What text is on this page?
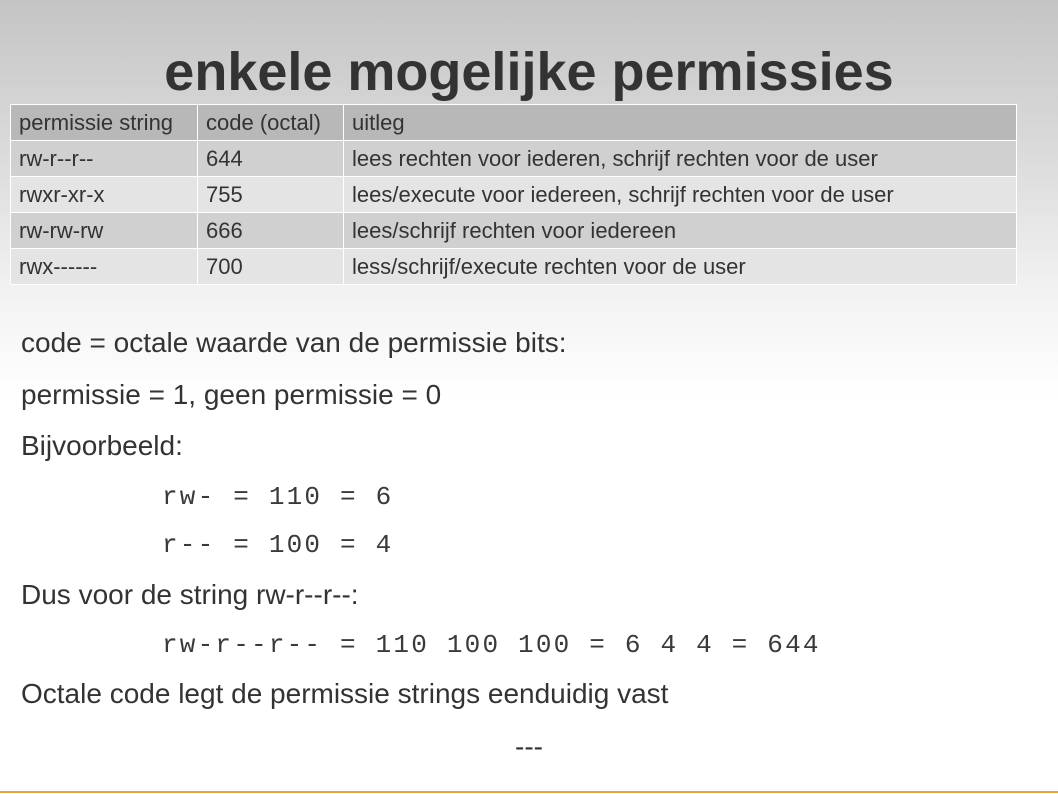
enkele mogelijke permissies
permissie string	code (octal)	uitleg
rw-r--r--	644	lees rechten voor iederen, schrijf rechten voor de user
rwxr-xr-x	755	lees/execute voor iedereen, schrijf rechten voor de user
rw-rw-rw	666	lees/schrijf rechten voor iedereen
rwx------	700	less/schrijf/execute rechten voor de user
code = octale waarde van de permissie bits:
permissie = 1, geen permissie = 0
Bijvoorbeeld:
rw- = 110 = 6
r-- = 100 = 4
Dus voor de string rw-r--r--:
rw-r--r-- = 110 100 100 = 6 4 4 = 644
Octale code legt de permissie strings eenduidig vast
---
